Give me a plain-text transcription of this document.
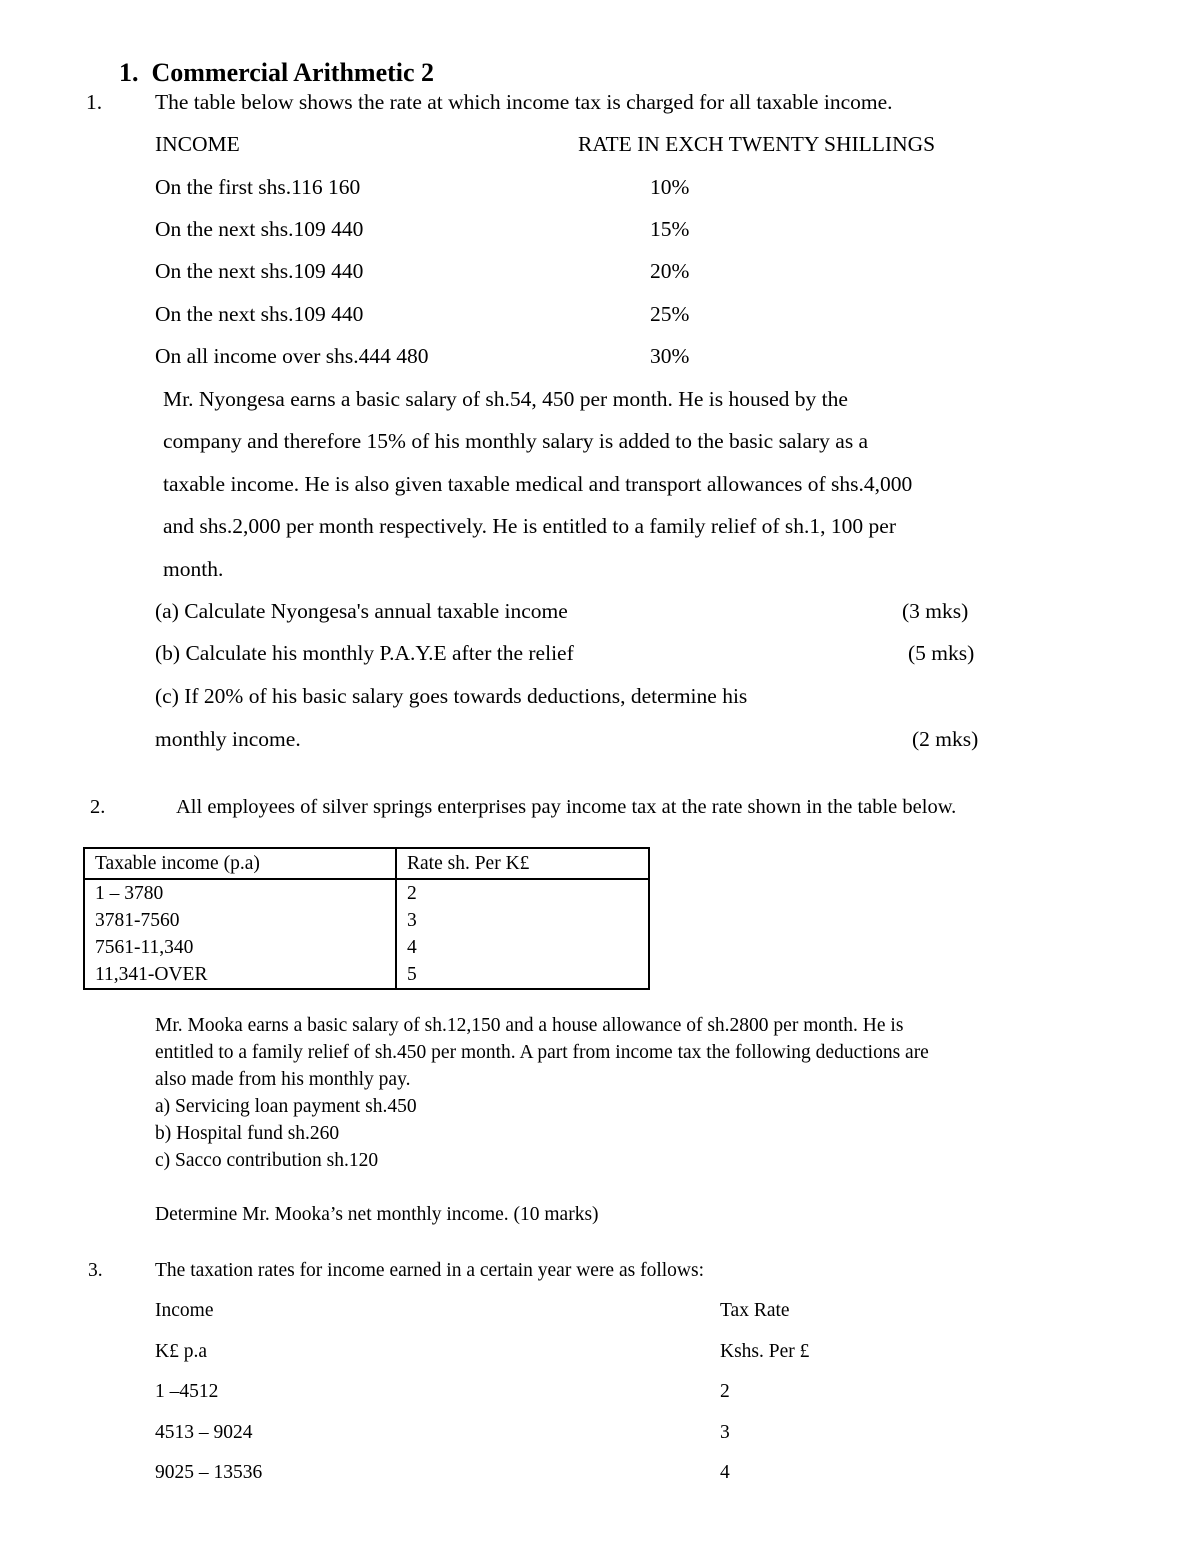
1. Commercial Arithmetic 2
1. The table below shows the rate at which income tax is charged for all taxable income.
INCOME	RATE IN EXCH TWENTY SHILLINGS
On the first shs.116 160	10%
On the next shs.109 440	15%
On the next shs.109 440	20%
On the next shs.109 440	25%
On all income over shs.444 480	30%
Mr. Nyongesa earns a basic salary of sh.54, 450 per month. He is housed by the
company and therefore 15% of his monthly salary is added to the basic salary as a
taxable income. He is also given taxable medical and transport allowances of shs.4,000
and shs.2,000 per month respectively. He is entitled to a family relief of sh.1, 100 per
month.
(a) Calculate Nyongesa's annual taxable income	(3 mks)
(b) Calculate his monthly P.A.Y.E after the relief	(5 mks)
(c) If 20% of his basic salary goes towards deductions, determine his
monthly income.	(2 mks)
2.	All employees of silver springs enterprises pay income tax at the rate shown in the table below.
Taxable income (p.a)	Rate sh. Per K£
1 – 3780	2
3781-7560	3
7561-11,340	4
11,341-OVER	5
Mr. Mooka earns a basic salary of sh.12,150 and a house allowance of sh.2800 per month. He is
entitled to a family relief of sh.450 per month. A part from income tax the following deductions are
also made from his monthly pay.
a) Servicing loan payment sh.450
b) Hospital fund sh.260
c) Sacco contribution sh.120
Determine Mr. Mooka’s net monthly income. (10 marks)
3.	The taxation rates for income earned in a certain year were as follows:
Income	Tax Rate
K£ p.a	Kshs. Per £
1 –4512	2
4513 – 9024	3
9025 – 13536	4
